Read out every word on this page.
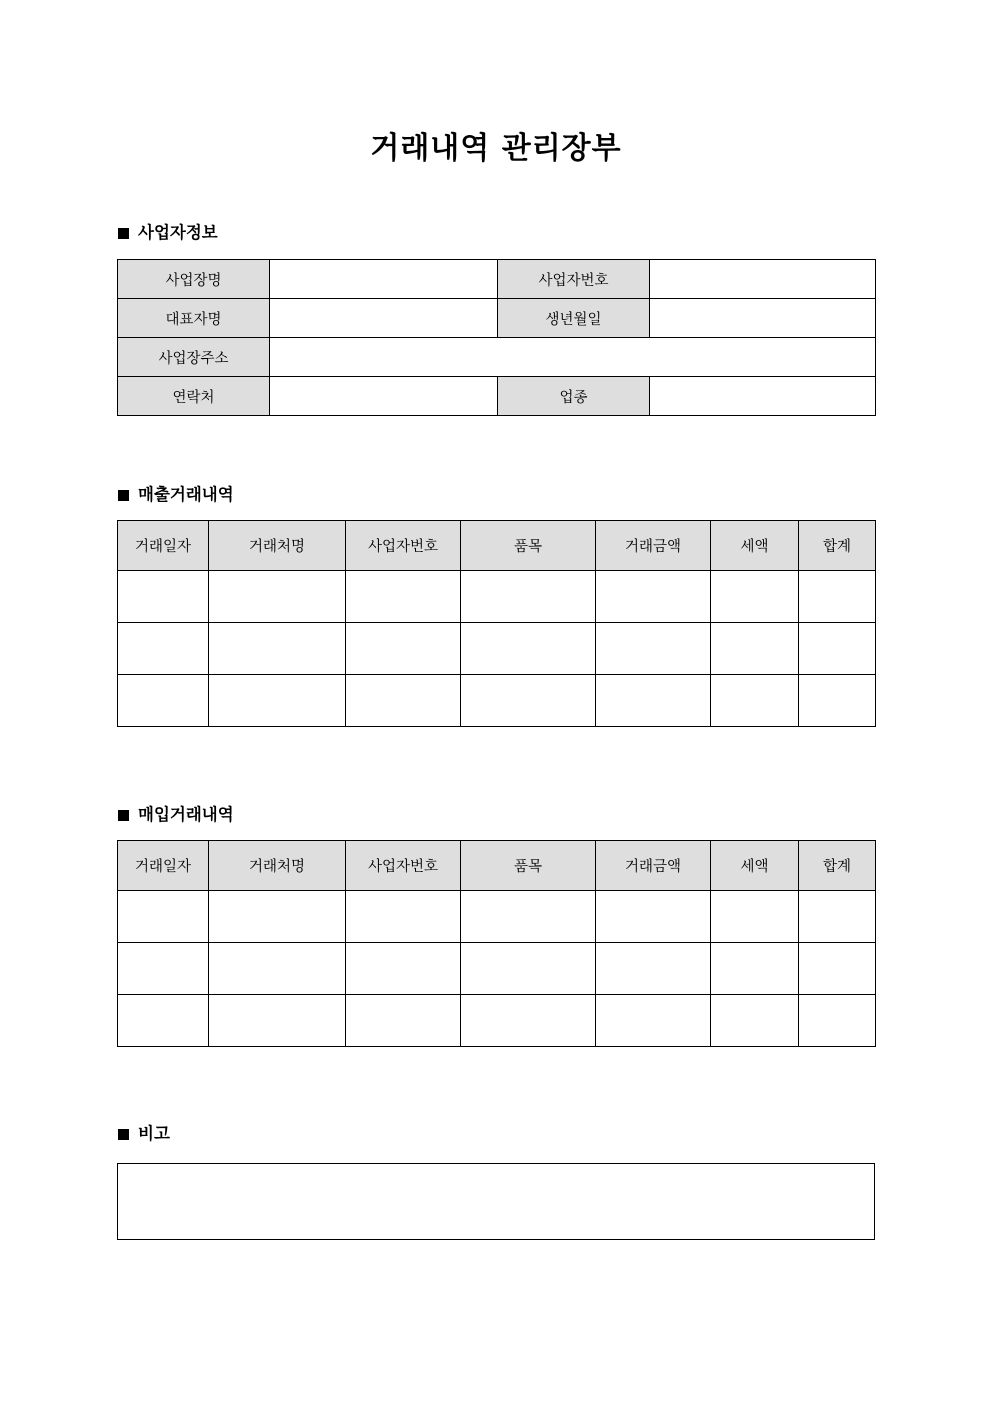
거래내역 관리장부
사업자정보
사업장명		사업자번호	
대표자명		생년월일	
사업장주소			
연락처		업종	
매출거래내역
거래일자	거래처명	사업자번호	품목	거래금액	세액	합계

매입거래내역
거래일자	거래처명	사업자번호	품목	거래금액	세액	합계

비고
